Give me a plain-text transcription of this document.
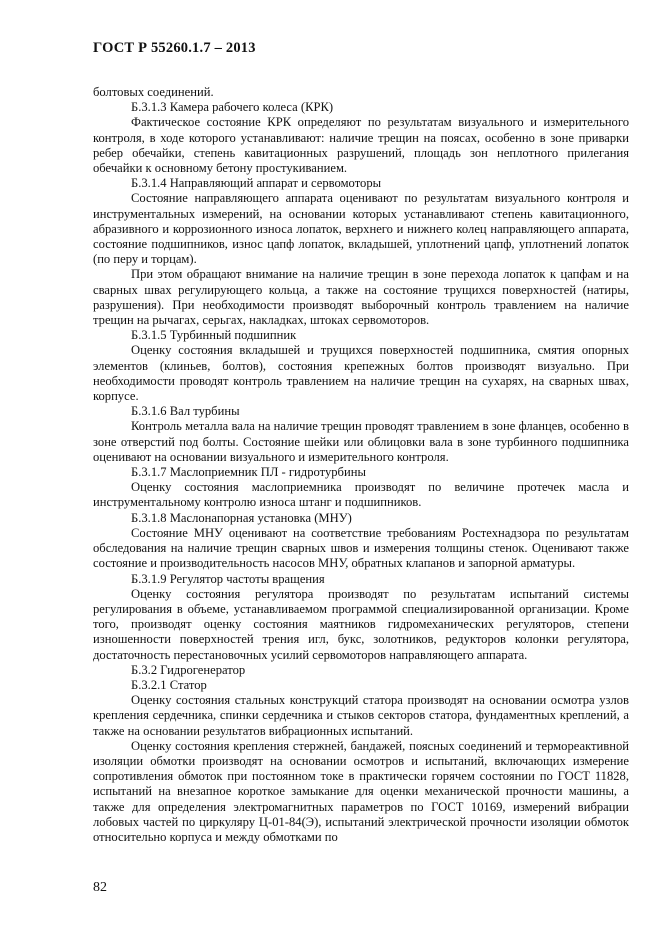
ГОСТ Р 55260.1.7 – 2013

болтовых соединений.

Б.3.1.3 Камера рабочего колеса (КРК)

Фактическое состояние КРК определяют по результатам визуального и измерительного контроля, в ходе которого устанавливают: наличие трещин на поясах, особенно в зоне приварки ребер обечайки, степень кавитационных разрушений, площадь зон неплотного прилегания обечайки к основному бетону простукиванием.

Б.3.1.4 Направляющий аппарат и сервомоторы

Состояние направляющего аппарата оценивают по результатам визуального контроля и инструментальных измерений, на основании которых устанавливают степень кавитационного, абразивного и коррозионного износа лопаток, верхнего и нижнего колец направляющего аппарата, состояние подшипников, износ цапф лопаток, вкладышей, уплотнений цапф, уплотнений лопаток (по перу и торцам).

При этом обращают внимание на наличие трещин в зоне перехода лопаток к цапфам и на сварных швах регулирующего кольца, а также на состояние трущихся поверхностей (натиры, разрушения). При необходимости производят выборочный контроль травлением на наличие трещин на рычагах, серьгах, накладках, штоках сервомоторов.

Б.3.1.5 Турбинный подшипник

Оценку состояния вкладышей и трущихся поверхностей подшипника, смятия опорных элементов (клиньев, болтов), состояния крепежных болтов производят визуально. При необходимости проводят контроль травлением на наличие трещин на сухарях, на сварных швах, корпусе.

Б.3.1.6 Вал турбины

Контроль металла вала на наличие трещин проводят травлением в зоне фланцев, особенно в зоне отверстий под болты. Состояние шейки или облицовки вала в зоне турбинного подшипника оценивают на основании визуального и измерительного контроля.

Б.3.1.7 Маслоприемник ПЛ - гидротурбины

Оценку состояния маслоприемника производят по величине протечек масла и инструментальному контролю износа штанг и подшипников.

Б.3.1.8 Маслонапорная установка (МНУ)

Состояние МНУ оценивают на соответствие требованиям Ростехнадзора по результатам обследования на наличие трещин сварных швов и измерения толщины стенок. Оценивают также состояние и производительность насосов МНУ, обратных клапанов и запорной арматуры.

Б.3.1.9 Регулятор частоты вращения

Оценку состояния регулятора производят по результатам испытаний системы регулирования в объеме, устанавливаемом программой специализированной организации. Кроме того, производят оценку состояния маятников гидромеханических регуляторов, степени изношенности поверхностей трения игл, букс, золотников, редукторов колонки регулятора, достаточность перестановочных усилий сервомоторов направляющего аппарата.

Б.3.2 Гидрогенератор

Б.3.2.1 Статор

Оценку состояния стальных конструкций статора производят на основании осмотра узлов крепления сердечника, спинки сердечника и стыков секторов статора, фундаментных креплений, а также на основании результатов вибрационных испытаний.

Оценку состояния крепления стержней, бандажей, поясных соединений и термореактивной изоляции обмотки производят на основании осмотров и испытаний, включающих измерение сопротивления обмоток при постоянном токе в практически горячем состоянии по ГОСТ 11828, испытаний на внезапное короткое замыкание для оценки механической прочности машины, а также для определения электромагнитных параметров по ГОСТ 10169, измерений вибрации лобовых частей по циркуляру Ц-01-84(Э), испытаний электрической прочности изоляции обмоток относительно корпуса и между обмотками по

82
